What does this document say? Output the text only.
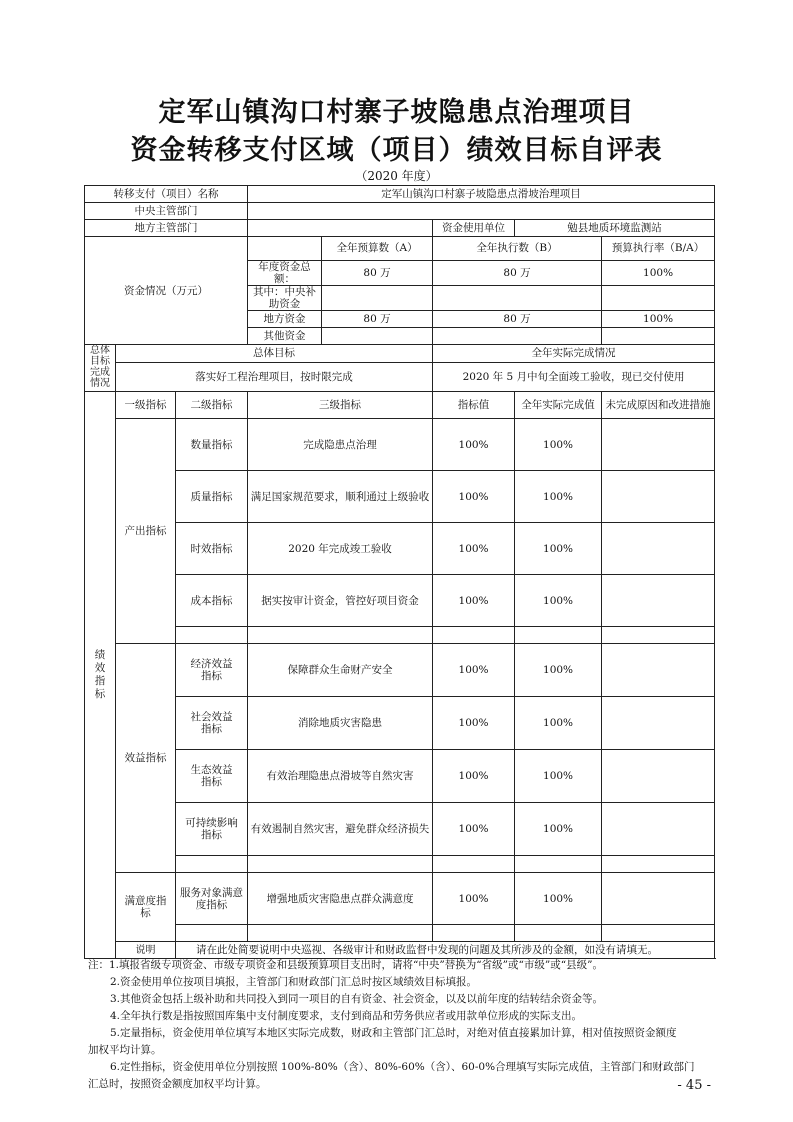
定军山镇沟口村寨子坡隐患点治理项目
资金转移支付区域（项目）绩效目标自评表
（2020 年度）
转移支付（项目）名称			定军山镇沟口村寨子坡隐患点滑坡治理项目				
中央主管部门							
地方主管部门					资金使用单位	勉县地质环境监测站	
资金情况（万元）				全年预算数（A）	全年执行数（B）		预算执行率（B/A）
			年度资金总额：	80 万	80 万		100%
			其中：中央补助资金				
			地方资金	80 万	80 万		100%
			其他资金				

总体目标完成情况	总体目标				全年实际完成情况		
	落实好工程治理项目，按时限完成				2020 年 5 月中旬全面竣工验收，现已交付使用		

绩效指标	一级指标	二级指标	三级指标		指标值	全年实际完成值	未完成原因和改进措施
	产出指标	数量指标	完成隐患点治理		100%	100%	
		质量指标	满足国家规范要求，顺利通过上级验收		100%	100%	
		时效指标	2020 年完成竣工验收		100%	100%	
		成本指标	据实按审计资金，管控好项目资金		100%	100%	

	效益指标	经济效益指标	保障群众生命财产安全		100%	100%	
		社会效益指标	消除地质灾害隐患		100%	100%	
		生态效益指标	有效治理隐患点滑坡等自然灾害		100%	100%	
		可持续影响指标	有效遏制自然灾害，避免群众经济损失		100%	100%	

	满意度指标	服务对象满意度指标	增强地质灾害隐患点群众满意度		100%	100%	

	说明	请在此处简要说明中央巡视、各级审计和财政监督中发现的问题及其所涉及的金额，如没有请填无。					
注：1.填报省级专项资金、市级专项资金和县级预算项目支出时，请将“中央”替换为“省级”或“市级”或“县级”。
2.资金使用单位按项目填报，主管部门和财政部门汇总时按区域绩效目标填报。
3.其他资金包括上级补助和共同投入到同一项目的自有资金、社会资金，以及以前年度的结转结余资金等。
4.全年执行数是指按照国库集中支付制度要求，支付到商品和劳务供应者或用款单位形成的实际支出。
5.定量指标，资金使用单位填写本地区实际完成数，财政和主管部门汇总时，对绝对值直接累加计算，相对值按照资金额度
加权平均计算。
6.定性指标，资金使用单位分别按照 100%-80%（含）、80%-60%（含）、60-0%合理填写实际完成值，主管部门和财政部门
汇总时，按照资金额度加权平均计算。	- 45 -
